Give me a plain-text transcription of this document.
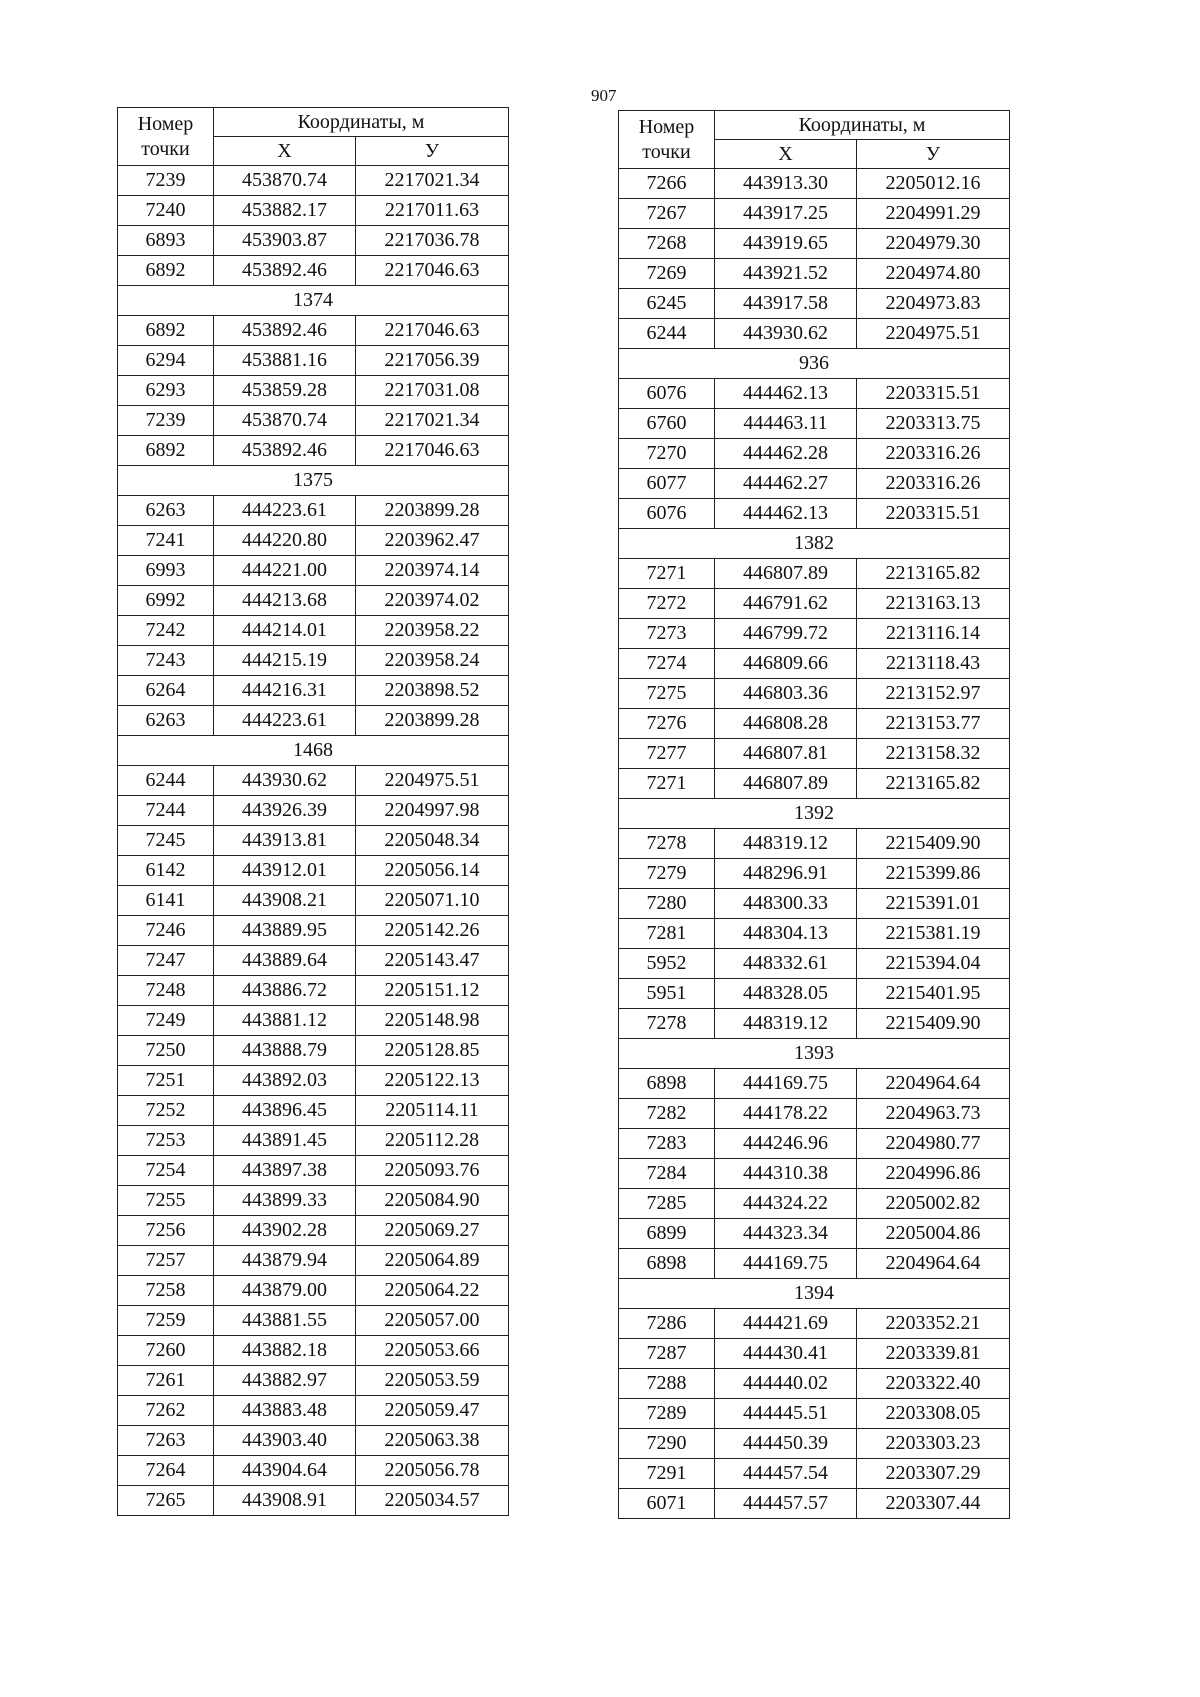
907
Номер
точки	Координаты, м	
	X	У
7239	453870.74	2217021.34
7240	453882.17	2217011.63
6893	453903.87	2217036.78
6892	453892.46	2217046.63
1374		
6892	453892.46	2217046.63
6294	453881.16	2217056.39
6293	453859.28	2217031.08
7239	453870.74	2217021.34
6892	453892.46	2217046.63
1375		
6263	444223.61	2203899.28
7241	444220.80	2203962.47
6993	444221.00	2203974.14
6992	444213.68	2203974.02
7242	444214.01	2203958.22
7243	444215.19	2203958.24
6264	444216.31	2203898.52
6263	444223.61	2203899.28
1468		
6244	443930.62	2204975.51
7244	443926.39	2204997.98
7245	443913.81	2205048.34
6142	443912.01	2205056.14
6141	443908.21	2205071.10
7246	443889.95	2205142.26
7247	443889.64	2205143.47
7248	443886.72	2205151.12
7249	443881.12	2205148.98
7250	443888.79	2205128.85
7251	443892.03	2205122.13
7252	443896.45	2205114.11
7253	443891.45	2205112.28
7254	443897.38	2205093.76
7255	443899.33	2205084.90
7256	443902.28	2205069.27
7257	443879.94	2205064.89
7258	443879.00	2205064.22
7259	443881.55	2205057.00
7260	443882.18	2205053.66
7261	443882.97	2205053.59
7262	443883.48	2205059.47
7263	443903.40	2205063.38
7264	443904.64	2205056.78
7265	443908.91	2205034.57
Номер
точки	Координаты, м	
	X	У
7266	443913.30	2205012.16
7267	443917.25	2204991.29
7268	443919.65	2204979.30
7269	443921.52	2204974.80
6245	443917.58	2204973.83
6244	443930.62	2204975.51
936		
6076	444462.13	2203315.51
6760	444463.11	2203313.75
7270	444462.28	2203316.26
6077	444462.27	2203316.26
6076	444462.13	2203315.51
1382		
7271	446807.89	2213165.82
7272	446791.62	2213163.13
7273	446799.72	2213116.14
7274	446809.66	2213118.43
7275	446803.36	2213152.97
7276	446808.28	2213153.77
7277	446807.81	2213158.32
7271	446807.89	2213165.82
1392		
7278	448319.12	2215409.90
7279	448296.91	2215399.86
7280	448300.33	2215391.01
7281	448304.13	2215381.19
5952	448332.61	2215394.04
5951	448328.05	2215401.95
7278	448319.12	2215409.90
1393		
6898	444169.75	2204964.64
7282	444178.22	2204963.73
7283	444246.96	2204980.77
7284	444310.38	2204996.86
7285	444324.22	2205002.82
6899	444323.34	2205004.86
6898	444169.75	2204964.64
1394		
7286	444421.69	2203352.21
7287	444430.41	2203339.81
7288	444440.02	2203322.40
7289	444445.51	2203308.05
7290	444450.39	2203303.23
7291	444457.54	2203307.29
6071	444457.57	2203307.44
